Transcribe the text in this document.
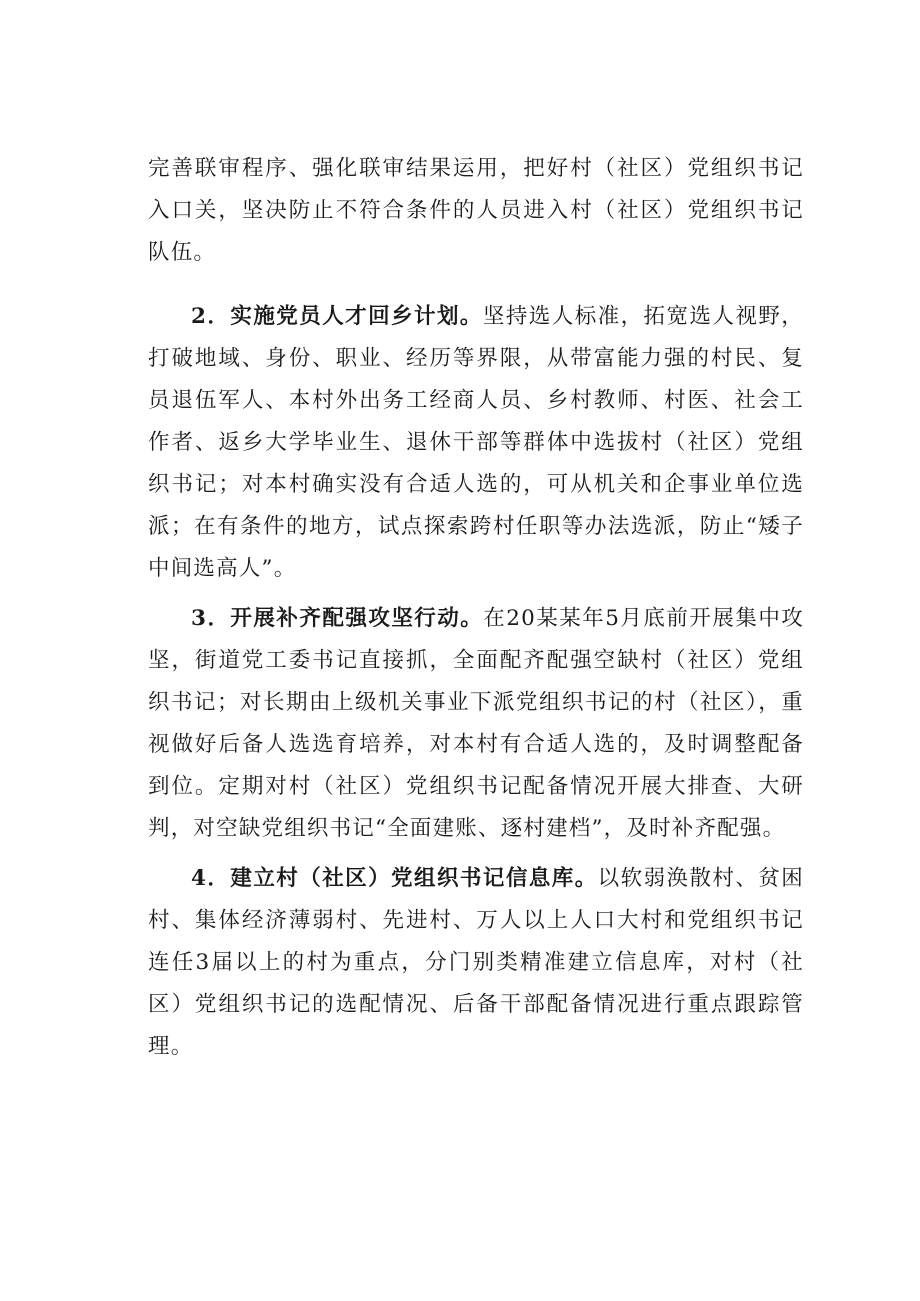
完善联审程序、强化联审结果运用，把好村（社区）党组织书记入口关，坚决防止不符合条件的人员进入村（社区）党组织书记队伍。

2．实施党员人才回乡计划。坚持选人标准，拓宽选人视野，打破地域、身份、职业、经历等界限，从带富能力强的村民、复员退伍军人、本村外出务工经商人员、乡村教师、村医、社会工作者、返乡大学毕业生、退休干部等群体中选拔村（社区）党组织书记；对本村确实没有合适人选的，可从机关和企事业单位选派；在有条件的地方，试点探索跨村任职等办法选派，防止“矮子中间选高人”。

3．开展补齐配强攻坚行动。在20某某年5月底前开展集中攻坚，街道党工委书记直接抓，全面配齐配强空缺村（社区）党组织书记；对长期由上级机关事业下派党组织书记的村（社区），重视做好后备人选选育培养，对本村有合适人选的，及时调整配备到位。定期对村（社区）党组织书记配备情况开展大排查、大研判，对空缺党组织书记“全面建账、逐村建档”，及时补齐配强。

4．建立村（社区）党组织书记信息库。以软弱涣散村、贫困村、集体经济薄弱村、先进村、万人以上人口大村和党组织书记连任3届以上的村为重点，分门别类精准建立信息库，对村（社区）党组织书记的选配情况、后备干部配备情况进行重点跟踪管理。
